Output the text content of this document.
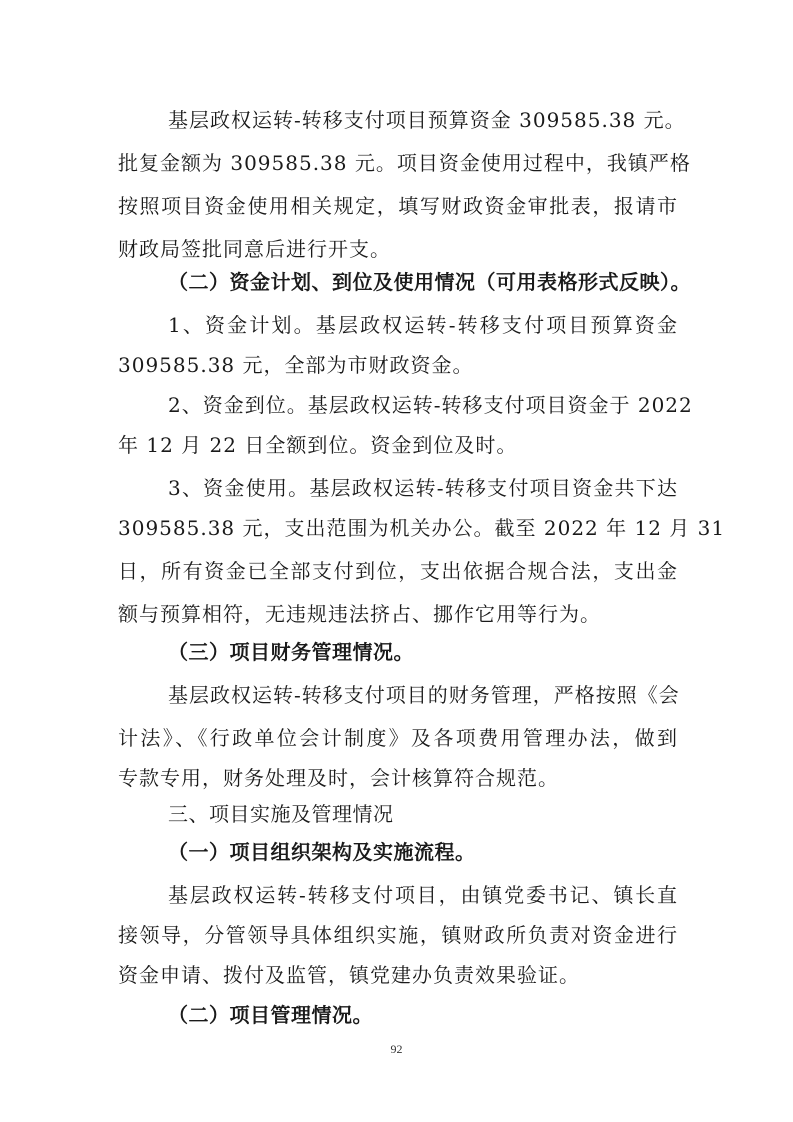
基层政权运转-转移支付项目预算资金 309585.38 元。
批复金额为 309585.38 元。项目资金使用过程中，我镇严格
按照项目资金使用相关规定，填写财政资金审批表，报请市
财政局签批同意后进行开支。
（二）资金计划、到位及使用情况（可用表格形式反映）。
1、资金计划。基层政权运转-转移支付项目预算资金
309585.38 元，全部为市财政资金。
2、资金到位。基层政权运转-转移支付项目资金于 2022
年 12 月 22 日全额到位。资金到位及时。
3、资金使用。基层政权运转-转移支付项目资金共下达
309585.38 元，支出范围为机关办公。截至 2022 年 12 月 31
日，所有资金已全部支付到位，支出依据合规合法，支出金
额与预算相符，无违规违法挤占、挪作它用等行为。
（三）项目财务管理情况。
基层政权运转-转移支付项目的财务管理，严格按照《会
计法》、《行政单位会计制度》及各项费用管理办法，做到
专款专用，财务处理及时，会计核算符合规范。
三、项目实施及管理情况
（一）项目组织架构及实施流程。
基层政权运转-转移支付项目，由镇党委书记、镇长直
接领导，分管领导具体组织实施，镇财政所负责对资金进行
资金申请、拨付及监管，镇党建办负责效果验证。
（二）项目管理情况。
92
